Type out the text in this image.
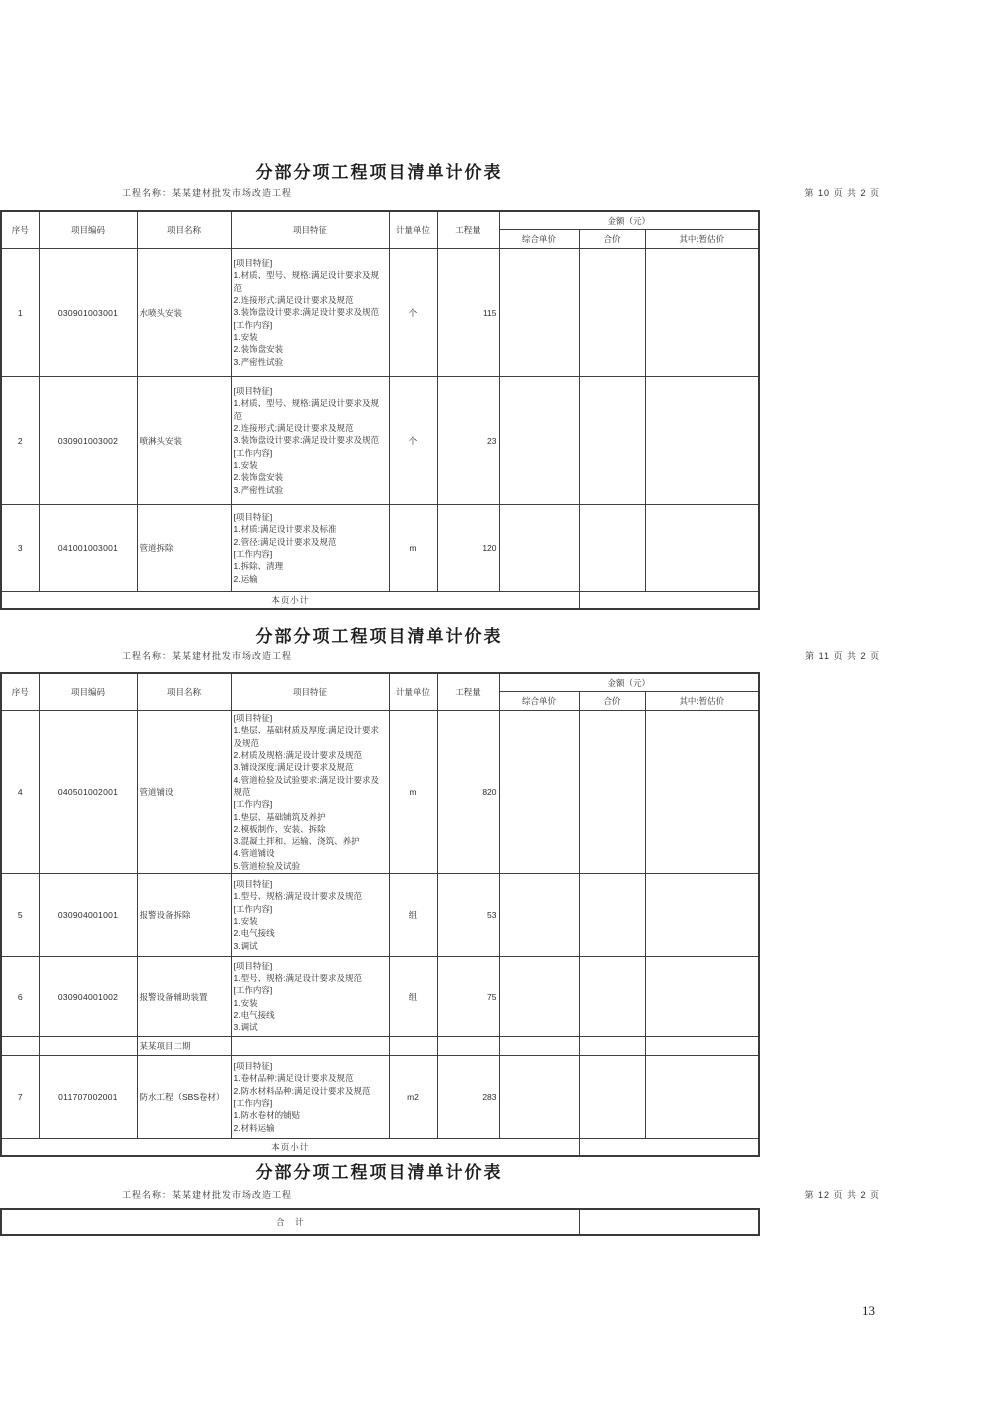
分部分项工程项目清单计价表
工程名称：某某建材批发市场改造工程	第 10 页 共 2 页
序号	项目编码	项目名称	项目特征	计量单位	工程量	金额（元）		
						综合单价	合价	其中:暂估价
1	030901003001	水喷头安装	[项目特征]
1.材质、型号、规格:满足设计要求及规范
2.连接形式:满足设计要求及规范
3.装饰盘设计要求:满足设计要求及规范
[工作内容]
1.安装
2.装饰盘安装
3.严密性试验	个	115			
2	030901003002	喷淋头安装	[项目特征]
1.材质、型号、规格:满足设计要求及规范
2.连接形式:满足设计要求及规范
3.装饰盘设计要求:满足设计要求及规范
[工作内容]
1.安装
2.装饰盘安装
3.严密性试验	个	23			
3	041001003001	管道拆除	[项目特征]
1.材质:满足设计要求及标准
2.管径:满足设计要求及规范
[工作内容]
1.拆除、清理
2.运输	m	120			
本页小计								
分部分项工程项目清单计价表
工程名称：某某建材批发市场改造工程	第 11 页 共 2 页
序号	项目编码	项目名称	项目特征	计量单位	工程量	金额（元）		
						综合单价	合价	其中:暂估价
4	040501002001	管道铺设	[项目特征]
1.垫层、基础材质及厚度:满足设计要求及规范
2.材质及规格:满足设计要求及规范
3.铺设深度:满足设计要求及规范
4.管道检验及试验要求:满足设计要求及规范
[工作内容]
1.垫层、基础铺筑及养护
2.模板制作、安装、拆除
3.混凝土拌和、运输、浇筑、养护
4.管道铺设
5.管道检验及试验	m	820			
5	030904001001	报警设备拆除	[项目特征]
1.型号、规格:满足设计要求及规范
[工作内容]
1.安装
2.电气接线
3.调试	组	53			
6	030904001002	报警设备辅助装置	[项目特征]
1.型号、规格:满足设计要求及规范
[工作内容]
1.安装
2.电气接线
3.调试	组	75			
		某某项目二期						
7	011707002001	防水工程（SBS卷材）	[项目特征]
1.卷材品种:满足设计要求及规范
2.防水材料品种:满足设计要求及规范
[工作内容]
1.防水卷材的铺贴
2.材料运输	m2	283			
本页小计								
分部分项工程项目清单计价表
工程名称：某某建材批发市场改造工程	第 12 页 共 2 页
合　计	
13
